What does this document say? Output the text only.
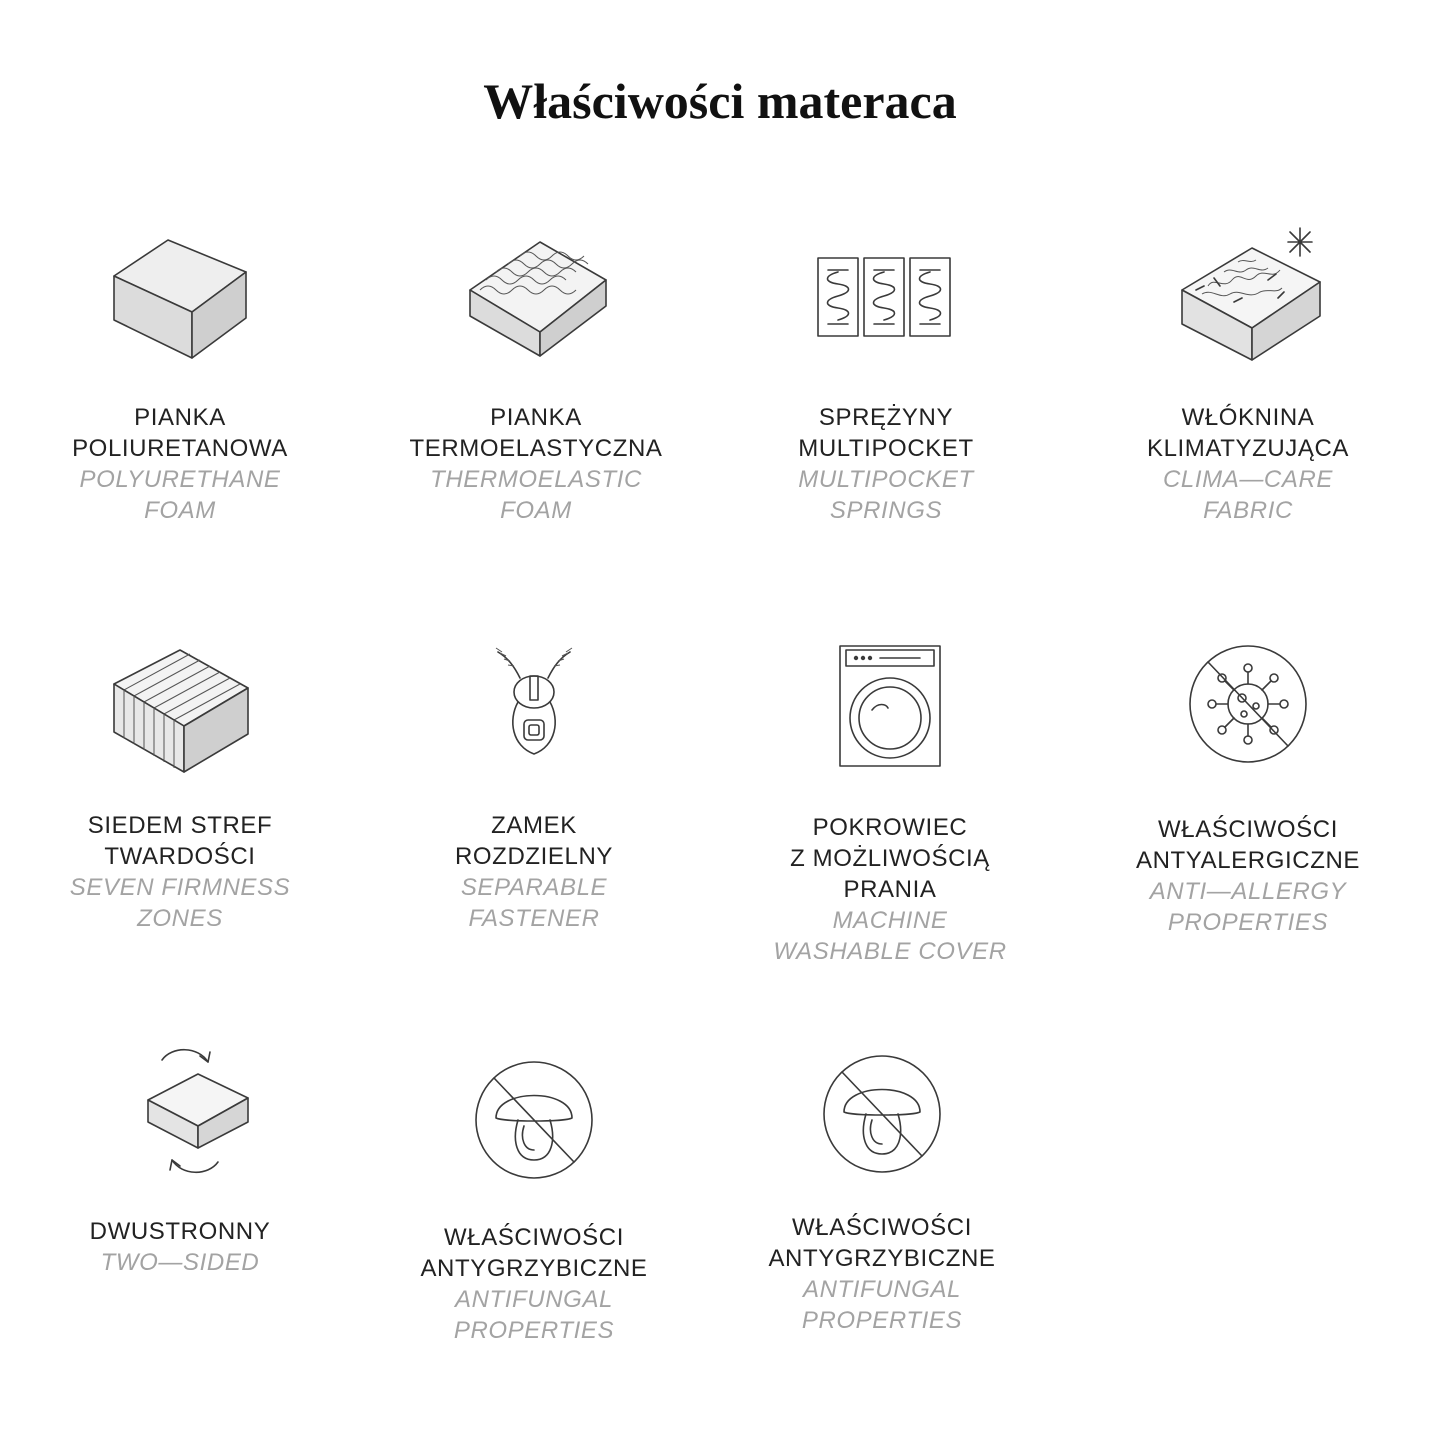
Właściwości materaca
PIANKA
POLIURETANOWA
POLYURETHANE
FOAM
PIANKA
TERMOELASTYCZNA
THERMOELASTIC
FOAM
SPRĘŻYNY
MULTIPOCKET
MULTIPOCKET
SPRINGS
WŁÓKNINA
KLIMATYZUJĄCA
CLIMA—CARE
FABRIC
SIEDEM STREF
TWARDOŚCI
SEVEN FIRMNESS
ZONES
ZAMEK
ROZDZIELNY
SEPARABLE
FASTENER
POKROWIEC
Z MOŻLIWOŚCIĄ
PRANIA
MACHINE
WASHABLE COVER
WŁAŚCIWOŚCI
ANTYALERGICZNE
ANTI—ALLERGY
PROPERTIES
DWUSTRONNY
TWO—SIDED
WŁAŚCIWOŚCI
ANTYGRZYBICZNE
ANTIFUNGAL
PROPERTIES
WŁAŚCIWOŚCI
ANTYGRZYBICZNE
ANTIFUNGAL
PROPERTIES
